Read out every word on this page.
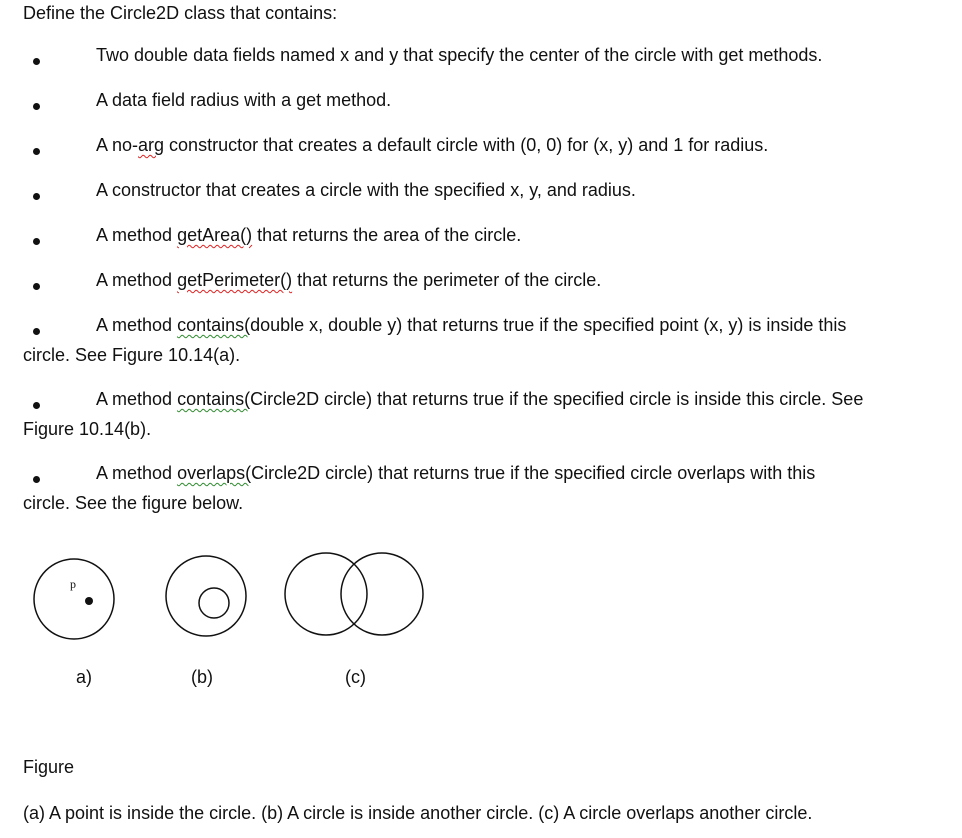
Define the Circle2D class that contains:
Two double data fields named x and y that specify the center of the circle with get methods.
A data field radius with a get method.
A no-arg constructor that creates a default circle with (0, 0) for (x, y) and 1 for radius.
A constructor that creates a circle with the specified x, y, and radius.
A method getArea() that returns the area of the circle.
A method getPerimeter() that returns the perimeter of the circle.
A method contains(double x, double y) that returns true if the specified point (x, y) is inside this
circle. See Figure 10.14(a).
A method contains(Circle2D circle) that returns true if the specified circle is inside this circle. See
Figure 10.14(b).
A method overlaps(Circle2D circle) that returns true if the specified circle overlaps with this
circle. See the figure below.
p
a)	(b)	(c)
Figure
(a) A point is inside the circle. (b) A circle is inside another circle. (c) A circle overlaps another circle.
